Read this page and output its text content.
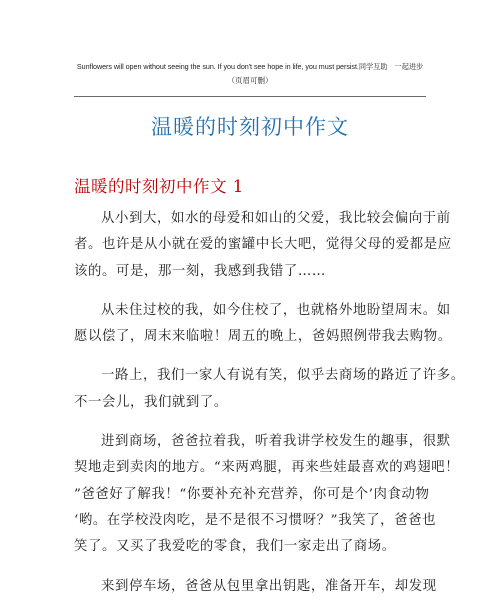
Sunflowers will open without seeing the sun. If you don't see hope in life, you must persist.同学互助　一起进步
（页眉可删）
温暖的时刻初中作文
温暖的时刻初中作文 1

从小到大，如水的母爱和如山的父爱，我比较会偏向于前
者。也许是从小就在爱的蜜罐中长大吧，觉得父母的爱都是应
该的。可是，那一刻，我感到我错了……

从未住过校的我，如今住校了，也就格外地盼望周末。如
愿以偿了，周末来临啦！周五的晚上，爸妈照例带我去购物。

一路上，我们一家人有说有笑，似乎去商场的路近了许多。
不一会儿，我们就到了。

进到商场，爸爸拉着我，听着我讲学校发生的趣事，很默
契地走到卖肉的地方。“来两鸡腿，再来些娃最喜欢的鸡翅吧！
”爸爸好了解我！“你要补充补充营养，你可是个’肉食动物
‘哟。在学校没肉吃，是不是很不习惯呀？”我笑了，爸爸也
笑了。又买了我爱吃的零食，我们一家走出了商场。

来到停车场，爸爸从包里拿出钥匙，准备开车，却发现
